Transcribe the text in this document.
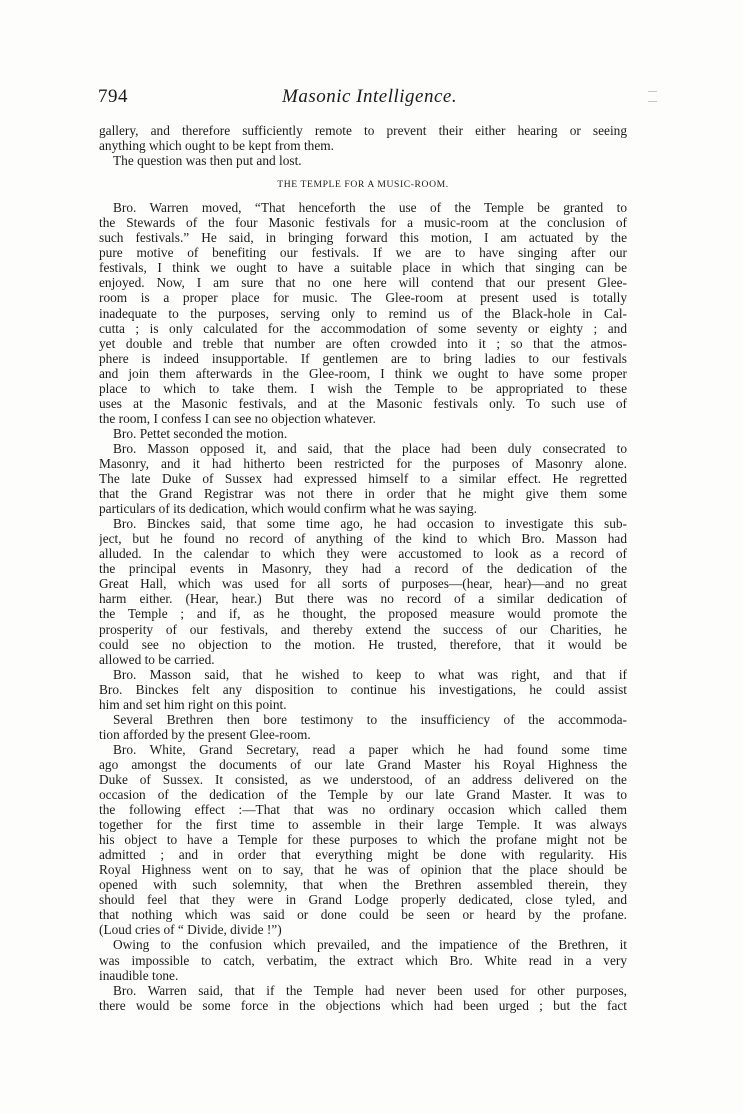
794	Masonic Intelligence.	— —
gallery, and therefore sufficiently remote to prevent their either hearing or seeing
anything which ought to be kept from them.
The question was then put and lost.
THE TEMPLE FOR A MUSIC-ROOM.
Bro. Warren moved, “That henceforth the use of the Temple be granted to
the Stewards of the four Masonic festivals for a music-room at the conclusion of
such festivals.” He said, in bringing forward this motion, I am actuated by the
pure motive of benefiting our festivals. If we are to have singing after our
festivals, I think we ought to have a suitable place in which that singing can be
enjoyed. Now, I am sure that no one here will contend that our present Glee-
room is a proper place for music. The Glee-room at present used is totally
inadequate to the purposes, serving only to remind us of the Black-hole in Cal-
cutta ; is only calculated for the accommodation of some seventy or eighty ; and
yet double and treble that number are often crowded into it ; so that the atmos-
phere is indeed insupportable. If gentlemen are to bring ladies to our festivals
and join them afterwards in the Glee-room, I think we ought to have some proper
place to which to take them. I wish the Temple to be appropriated to these
uses at the Masonic festivals, and at the Masonic festivals only. To such use of
the room, I confess I can see no objection whatever.
Bro. Pettet seconded the motion.
Bro. Masson opposed it, and said, that the place had been duly consecrated to
Masonry, and it had hitherto been restricted for the purposes of Masonry alone.
The late Duke of Sussex had expressed himself to a similar effect. He regretted
that the Grand Registrar was not there in order that he might give them some
particulars of its dedication, which would confirm what he was saying.
Bro. Binckes said, that some time ago, he had occasion to investigate this sub-
ject, but he found no record of anything of the kind to which Bro. Masson had
alluded. In the calendar to which they were accustomed to look as a record of
the principal events in Masonry, they had a record of the dedication of the
Great Hall, which was used for all sorts of purposes—(hear, hear)—and no great
harm either. (Hear, hear.) But there was no record of a similar dedication of
the Temple ; and if, as he thought, the proposed measure would promote the
prosperity of our festivals, and thereby extend the success of our Charities, he
could see no objection to the motion. He trusted, therefore, that it would be
allowed to be carried.
Bro. Masson said, that he wished to keep to what was right, and that if
Bro. Binckes felt any disposition to continue his investigations, he could assist
him and set him right on this point.
Several Brethren then bore testimony to the insufficiency of the accommoda-
tion afforded by the present Glee-room.
Bro. White, Grand Secretary, read a paper which he had found some time
ago amongst the documents of our late Grand Master his Royal Highness the
Duke of Sussex. It consisted, as we understood, of an address delivered on the
occasion of the dedication of the Temple by our late Grand Master. It was to
the following effect :—That that was no ordinary occasion which called them
together for the first time to assemble in their large Temple. It was always
his object to have a Temple for these purposes to which the profane might not be
admitted ; and in order that everything might be done with regularity. His
Royal Highness went on to say, that he was of opinion that the place should be
opened with such solemnity, that when the Brethren assembled therein, they
should feel that they were in Grand Lodge properly dedicated, close tyled, and
that nothing which was said or done could be seen or heard by the profane.
(Loud cries of “ Divide, divide !”)
Owing to the confusion which prevailed, and the impatience of the Brethren, it
was impossible to catch, verbatim, the extract which Bro. White read in a very
inaudible tone.
Bro. Warren said, that if the Temple had never been used for other purposes,
there would be some force in the objections which had been urged ; but the fact
